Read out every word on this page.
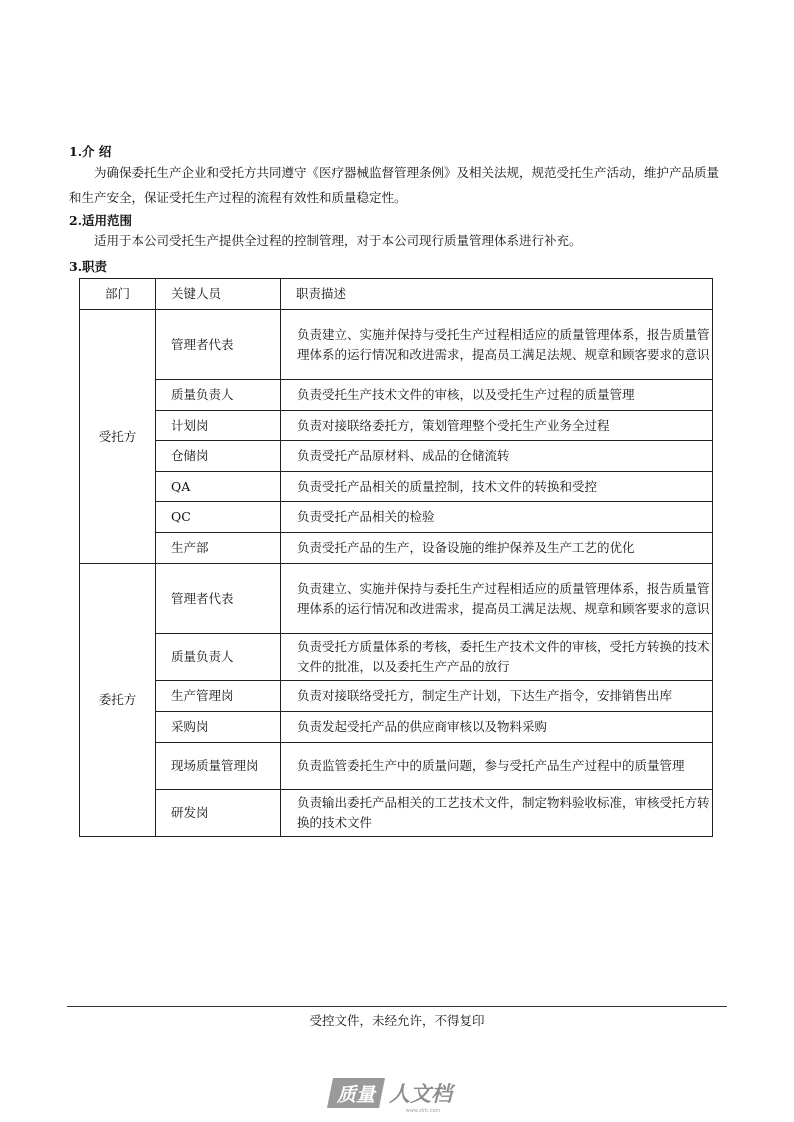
1.介 绍
为确保委托生产企业和受托方共同遵守《医疗器械监督管理条例》及相关法规，规范受托生产活动，维护产品质量和生产安全，保证受托生产过程的流程有效性和质量稳定性。
2.适用范围
适用于本公司受托生产提供全过程的控制管理，对于本公司现行质量管理体系进行补充。
3.职责
部门	关键人员	职责描述
受托方	管理者代表	负责建立、实施并保持与受托生产过程相适应的质量管理体系，报告质量管理体系的运行情况和改进需求，提高员工满足法规、规章和顾客要求的意识
	质量负责人	负责受托生产技术文件的审核，以及受托生产过程的质量管理
	计划岗	负责对接联络委托方，策划管理整个受托生产业务全过程
	仓储岗	负责受托产品原材料、成品的仓储流转
	QA	负责受托产品相关的质量控制，技术文件的转换和受控
	QC	负责受托产品相关的检验
	生产部	负责受托产品的生产，设备设施的维护保养及生产工艺的优化
委托方	管理者代表	负责建立、实施并保持与委托生产过程相适应的质量管理体系，报告质量管理体系的运行情况和改进需求，提高员工满足法规、规章和顾客要求的意识
	质量负责人	负责受托方质量体系的考核，委托生产技术文件的审核，受托方转换的技术文件的批准，以及委托生产产品的放行
	生产管理岗	负责对接联络受托方，制定生产计划，下达生产指令，安排销售出库
	采购岗	负责发起受托产品的供应商审核以及物料采购
	现场质量管理岗	负责监管委托生产中的质量问题，参与受托产品生产过程中的质量管理
	研发岗	负责输出委托产品相关的工艺技术文件，制定物料验收标准，审核受托方转换的技术文件
受控文件，未经允许，不得复印
质量 人文档
www.zlrk.com
